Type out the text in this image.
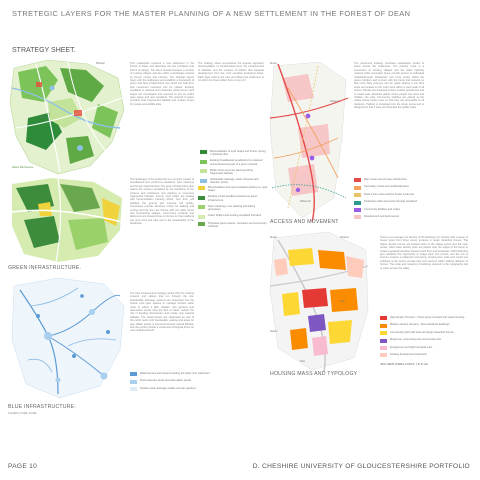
STRETEGIC LAYERS FOR THE MASTER PLANNING OF A NEW SETTLEMENT IN THE FOREST OF DEAN
STRATEGY SHEET.
Nature Pile Reserve
Pillowell
Forest
This masterplan explores a new settlement in the Forest of Dean and describes the key principles that inform its design. The site is located between a number of existing villages and lies within a landscape scarred by former mining and industry. The strategic layers begin with the landscape and establish a framework of green and blue infrastructure into which the built form and movement networks can be placed. Existing woodland is retained and enhanced, while former spoil heaps are remediated and returned to use as public open space and new woodland. The network of green corridors links fragmented habitats and creates routes for people and wildlife alike.
The strategy sheet summarises the layered approach: bioremediation of contaminated land, the enhancement of habitats, and the creation of buffers that separate development from the most sensitive ecological areas. Each layer informs the next and allows the settlement to sit within the forest rather than on top of it.
Bioremediation of spoil heaps and former mining / industrial sites
Existing broadleaved woodland to be retained and enhanced as part of a green network
Buffer zones and new planting linking fragmented habitats
Sustainable drainage, water channels and retention ponds
GREEN INFRASTRUCTURE.
The landscape of the settlement is a complex mosaic of broadleaved and coniferous woodland, open clearings and former industrial land. The green infrastructure plan retains the existing woodland as the backbone of the scheme and introduces new planting to reconnect fragmented habitats. Former spoil heaps are treated with bioremediation planting which, over time, will stabilise the ground and improve soil quality. Greenways provide attractive routes for walking and cycling and link the new homes with the wider forest and surrounding villages. Community orchards and allotments are located close to homes so that residents can grow food and take part in the stewardship of the landscape.
Bioremediation and new woodland planting on spoil heaps
Existing mixed woodland retained as green infrastructure
Open Clearings, new planting and linking greenways
Green buffers and existing woodland corridors
Proposed green spaces, recreation and community orchards
BLUE INFRASTRUCTURE.
1:10,000 | 1:5,000, 1:2,500
The blue infrastructure strategy works with the existing streams and valleys that run through the site. Sustainable drainage systems are integrated into the streets and open spaces to manage surface water close to where it falls. Swales, rain gardens and attenuation ponds slow the flow of water, reduce the risk of flooding downstream and create new wetland habitats. The watercourses are celebrated as part of the public realm with boardwalks, seating and areas for play. Water quality is improved through natural filtration and the ponds provide a visual and ecological focus for new neighbourhoods.
Watercourses and streams feeding the wider river catchment
Flood retention areas and attenuation ponds
Surface water drainage swales and rain gardens
Bream
Parkend
Whitecroft
ACCESS AND MOVEMENT
The movement strategy prioritises sustainable modes of travel across the settlement. The primary route is a connection to existing villages and the wider highway network while secondary lanes provide access to individual neighbourhoods. Pedestrian and cycle routes follow the green corridors and connect with the forest trail network so that most daily journeys can be made without a car. Bus stops are located on the main route within a short walk of all homes. Streets are designed to keep vehicle speeds low and to create safe, attractive places where people can meet and children can play. Community facilities are placed at the nodes where routes meet so that they are accessible to all residents. Parking is integrated into the street scene and is designed so that it does not dominate the public realm.
Main routes and primary vehicle links
Secondary routes and residential lanes
Rural cycle routes and the Forest cycle trail
Pedestrian trails and routes through woodland
Community facilities and nodes
Development and land parcels
Bream	Parkend
Cafe
Station
Park
HOUSING MASS AND TYPOLOGY
There is an average net density of 35 dwellings per hectare with a range of house types from three storey terraces to larger detached homes. The higher density homes are located close to the village centre and the main routes, while lower density plots are placed near the edges of the forest to create a gradual transition between built form and landscape. Self build plots give residents the opportunity to shape their own homes, and the mix of tenures ensures a balanced community. Employment units and mixed use buildings at the centre provide jobs and services within walking distance of homes. The scale and massing of buildings respond to the topography and to views across the valley.
High density Terraces - Three storey terraced and mews housing
Medium density Housing - Semi detached dwellings
Low density Self build plots and larger detached homes
Mixed use, community and commercial units
Employment and light industrial units
Existing development (retained)
460 NEW DWELLINGS | 8.8 HA
PAGE 10	D. CHESHIRE UNIVERSITY OF GLOUCESTERSHIRE PORTFOLIO
